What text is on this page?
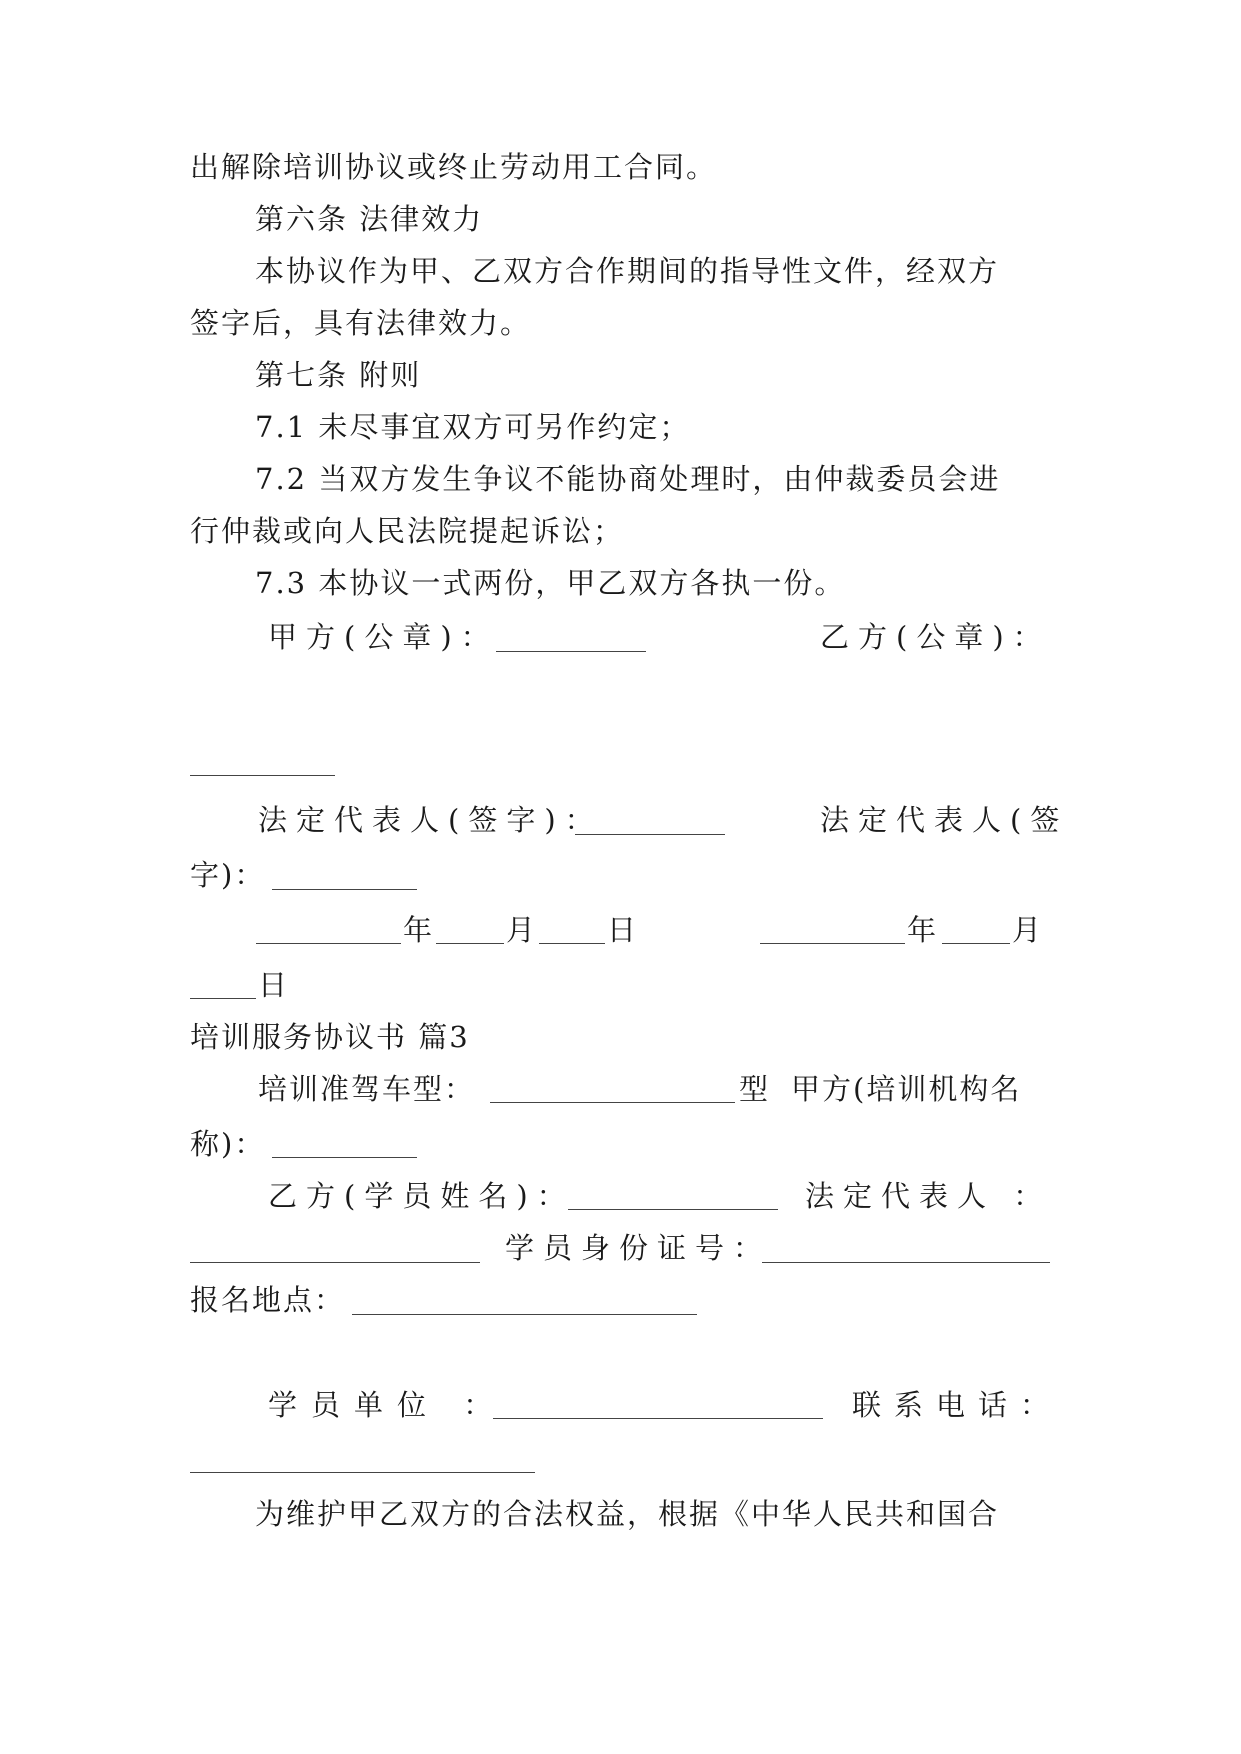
出解除培训协议或终止劳动用工合同。
第六条 法律效力
本协议作为甲、乙双方合作期间的指导性文件，经双方
签字后，具有法律效力。
第七条 附则
7.1 未尽事宜双方可另作约定；
7.2 当双方发生争议不能协商处理时，由仲裁委员会进
行仲裁或向人民法院提起诉讼；
7.3 本协议一式两份，甲乙双方各执一份。
甲方(公章)：	乙方(公章)：
法定代表人(签字)：	法定代表人(签
字)：
年	月 日	年	月
日
培训服务协议书 篇3
培训准驾车型：	型 甲方(培训机构名
称)：
乙方(学员姓名)：	法定代表人 ：
学员身份证号：
报名地点：
学员单位 ：	联系电话：
为维护甲乙双方的合法权益，根据《中华人民共和国合
